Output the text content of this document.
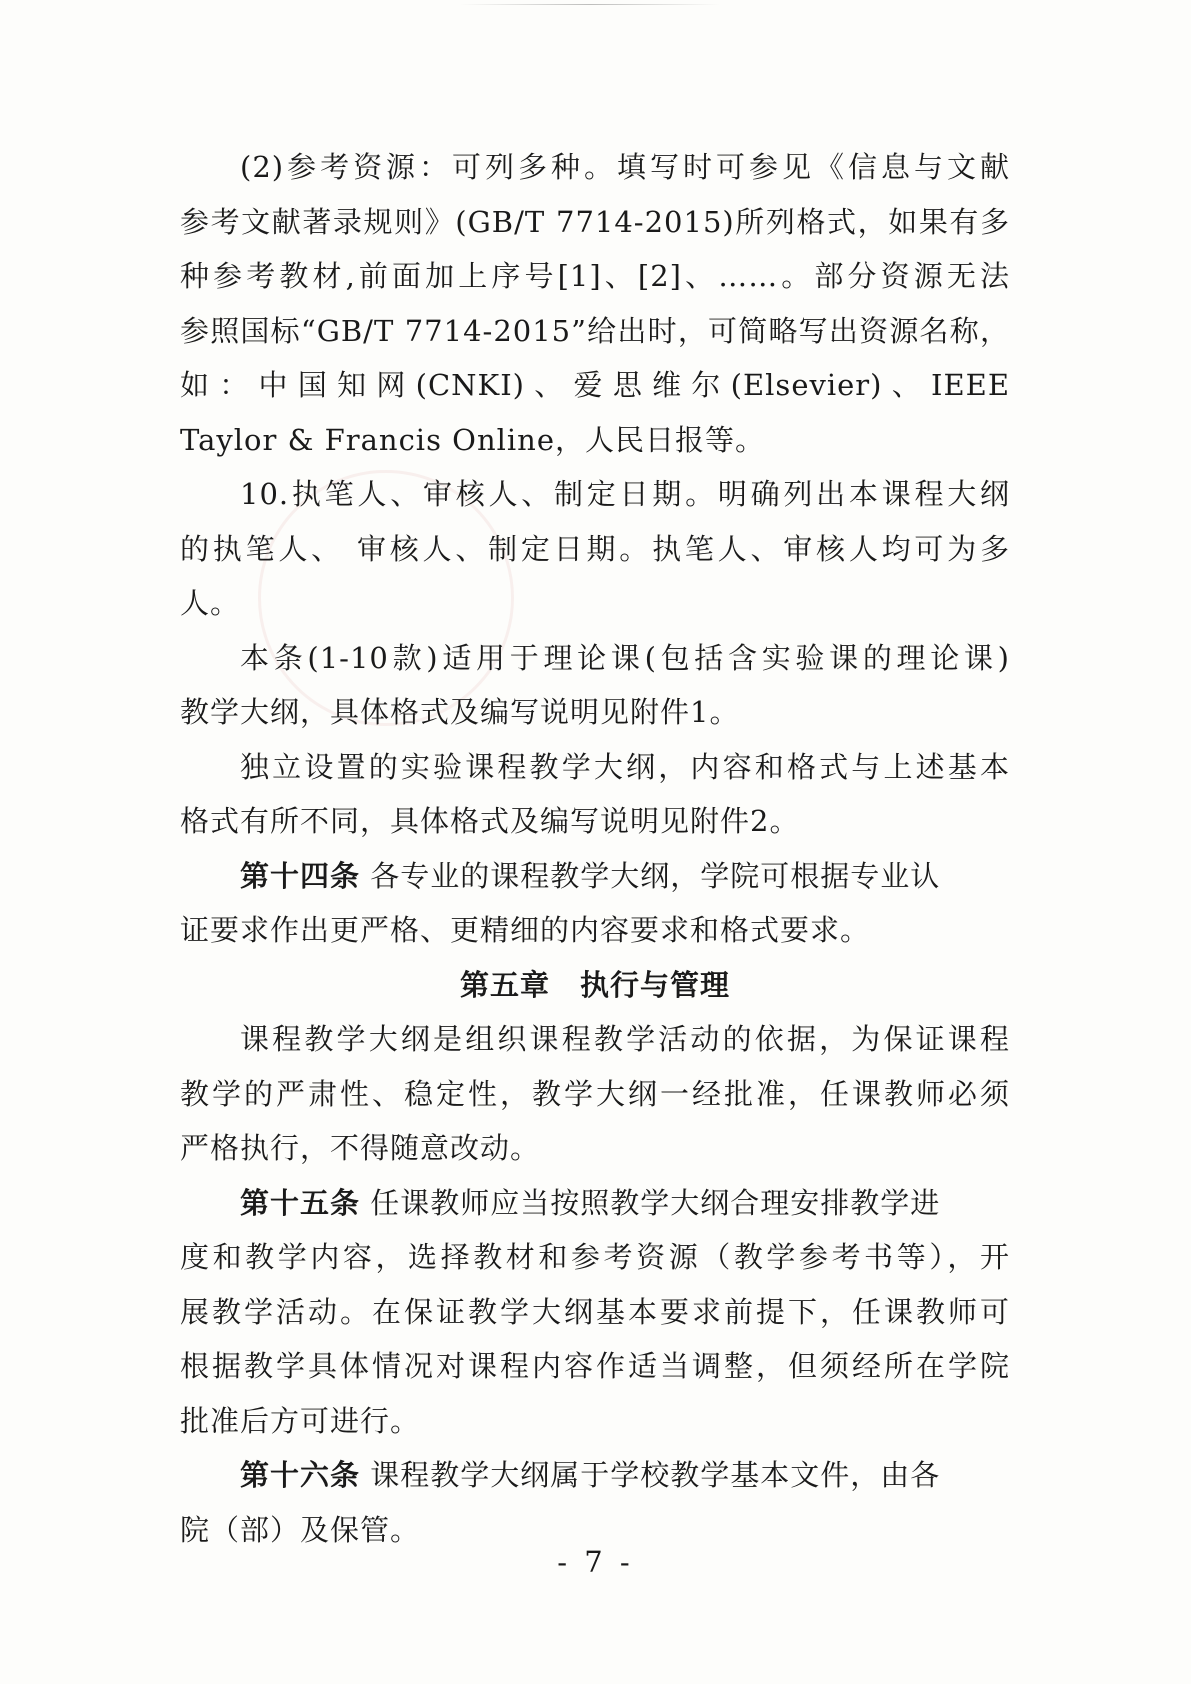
(2)参考资源：可列多种。填写时可参见《信息与文献
参考文献著录规则》(GB/T 7714-2015)所列格式，如果有多
种参考教材,前面加上序号[1]、[2]、……。部分资源无法
参照国标“GB/T 7714-2015”给出时，可简略写出资源名称，
如：中国知网(CNKI)、爱思维尔(Elsevier)、IEEE
Taylor & Francis Online，人民日报等。
10.执笔人、审核人、制定日期。明确列出本课程大纲
的执笔人、 审核人、制定日期。执笔人、审核人均可为多
人。
本条(1-10款)适用于理论课(包括含实验课的理论课)
教学大纲，具体格式及编写说明见附件1。
独立设置的实验课程教学大纲，内容和格式与上述基本
格式有所不同，具体格式及编写说明见附件2。
第十四条 各专业的课程教学大纲，学院可根据专业认
证要求作出更严格、更精细的内容要求和格式要求。
第五章　执行与管理
课程教学大纲是组织课程教学活动的依据，为保证课程
教学的严肃性、稳定性，教学大纲一经批准，任课教师必须
严格执行，不得随意改动。
第十五条 任课教师应当按照教学大纲合理安排教学进
度和教学内容，选择教材和参考资源（教学参考书等），开
展教学活动。在保证教学大纲基本要求前提下，任课教师可
根据教学具体情况对课程内容作适当调整，但须经所在学院
批准后方可进行。
第十六条 课程教学大纲属于学校教学基本文件，由各
院（部）及保管。
- 7 -
